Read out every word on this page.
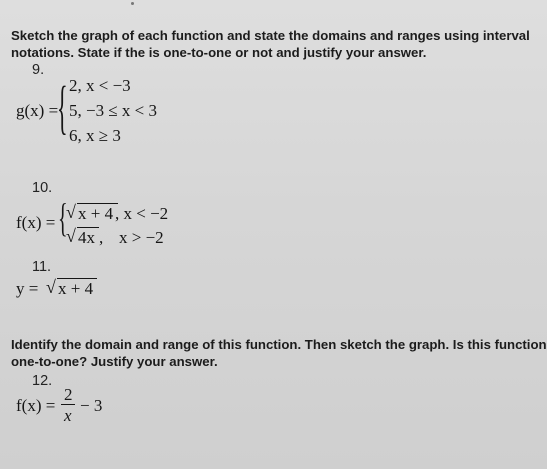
Sketch the graph of each function and state the domains and ranges using interval
notations. State if the is one-to-one or not and justify your answer.
9.
g(x) =
{ 2, x < −3
5, −3 ≤ x < 3
6, x ≥ 3
10.
f(x) = {
√ x + 4 , x < −2
√ 4x , x > −2
11.
y = √ x + 4
Identify the domain and range of this function. Then sketch the graph. Is this function
one-to-one? Justify your answer.
12.
f(x) =
2
x
− 3
